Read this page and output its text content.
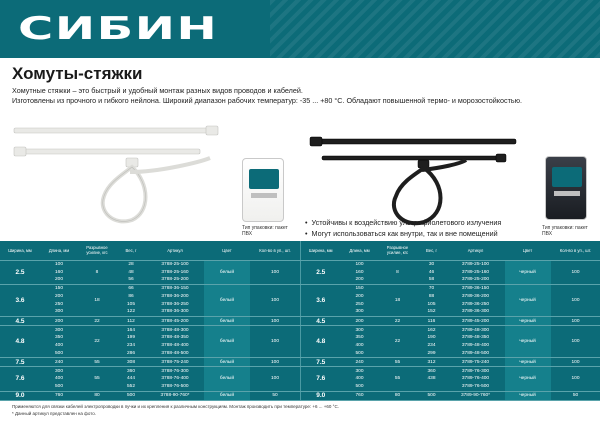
СИБИН
Хомуты-стяжки
Хомутные стяжки – это быстрый и удобный монтаж разных видов проводов и кабелей.
Изготовлены из прочного и гибкого нейлона. Широкий диапазон рабочих температур: -35 ... +80 °С. Обладают повышенной термо- и морозостойкостью.
Тип упаковки: пакет ПВХ
Тип упаковки: пакет ПВХ
• Устойчивы к воздействию ультрафиолетового излучения
• Могут использоваться как внутри, так и вне помещений
Ширина, мм	Длина, мм	Разрывное усилие, кгс	Вес, г	Артикул	Цвет	Кол-во в уп., шт.
2.5	100	8	28	3788-25-100	белый	100
	160		48	3788-25-160		
	200		56	3788-25-200		
3.6	150	18	66	3788-36-150	белый	100
	200		86	3788-36-200		
	250		105	3788-36-250		
	300		122	3788-36-300		
4.5	200	22	112	3788-45-200	белый	100
4.8	300	22	164	3788-48-300	белый	100
	350		199	3788-48-350		
	400		234	3788-48-400		
	500		286	3788-48-500		
7.5	240	55	308	3788-75-240	белый	100
7.6	300	55	360	3788-76-300	белый	100
	400		444	3788-76-400		
	500		552	3788-76-500		
9.0	760	80	500	3788-90-760*	белый	50
Ширина, мм	Длина, мм	Разрывное усилие, кгс	Вес, г	Артикул	Цвет	Кол-во в уп., шт.
2.5	100	8	30	3789-25-100	черный	100
	160		46	3789-25-160		
	200		58	3789-25-200		
3.6	150	18	70	3789-36-150	черный	100
	200		88	3789-36-200		
	250		105	3789-36-250		
	300		152	3789-36-300		
4.5	200	22	116	3789-45-200	черный	100
4.8	300	22	162	3789-48-300	черный	100
	350		190	3789-48-350		
	400		234	3789-48-400		
	500		299	3789-48-500		
7.5	240	55	312	3789-75-240	черный	100
7.6	300	55	360	3789-76-300	черный	100
	400		438	3789-76-400		
	500			3789-76-500		
9.0	760	80	500	3789-90-760*	черный	50
Применяются для связки кабелей электропроводки в пучки и их крепления к различным конструкциям. Монтаж производить при температуре: +6 ... +60 °С.
* Данный артикул представлен на фото.
